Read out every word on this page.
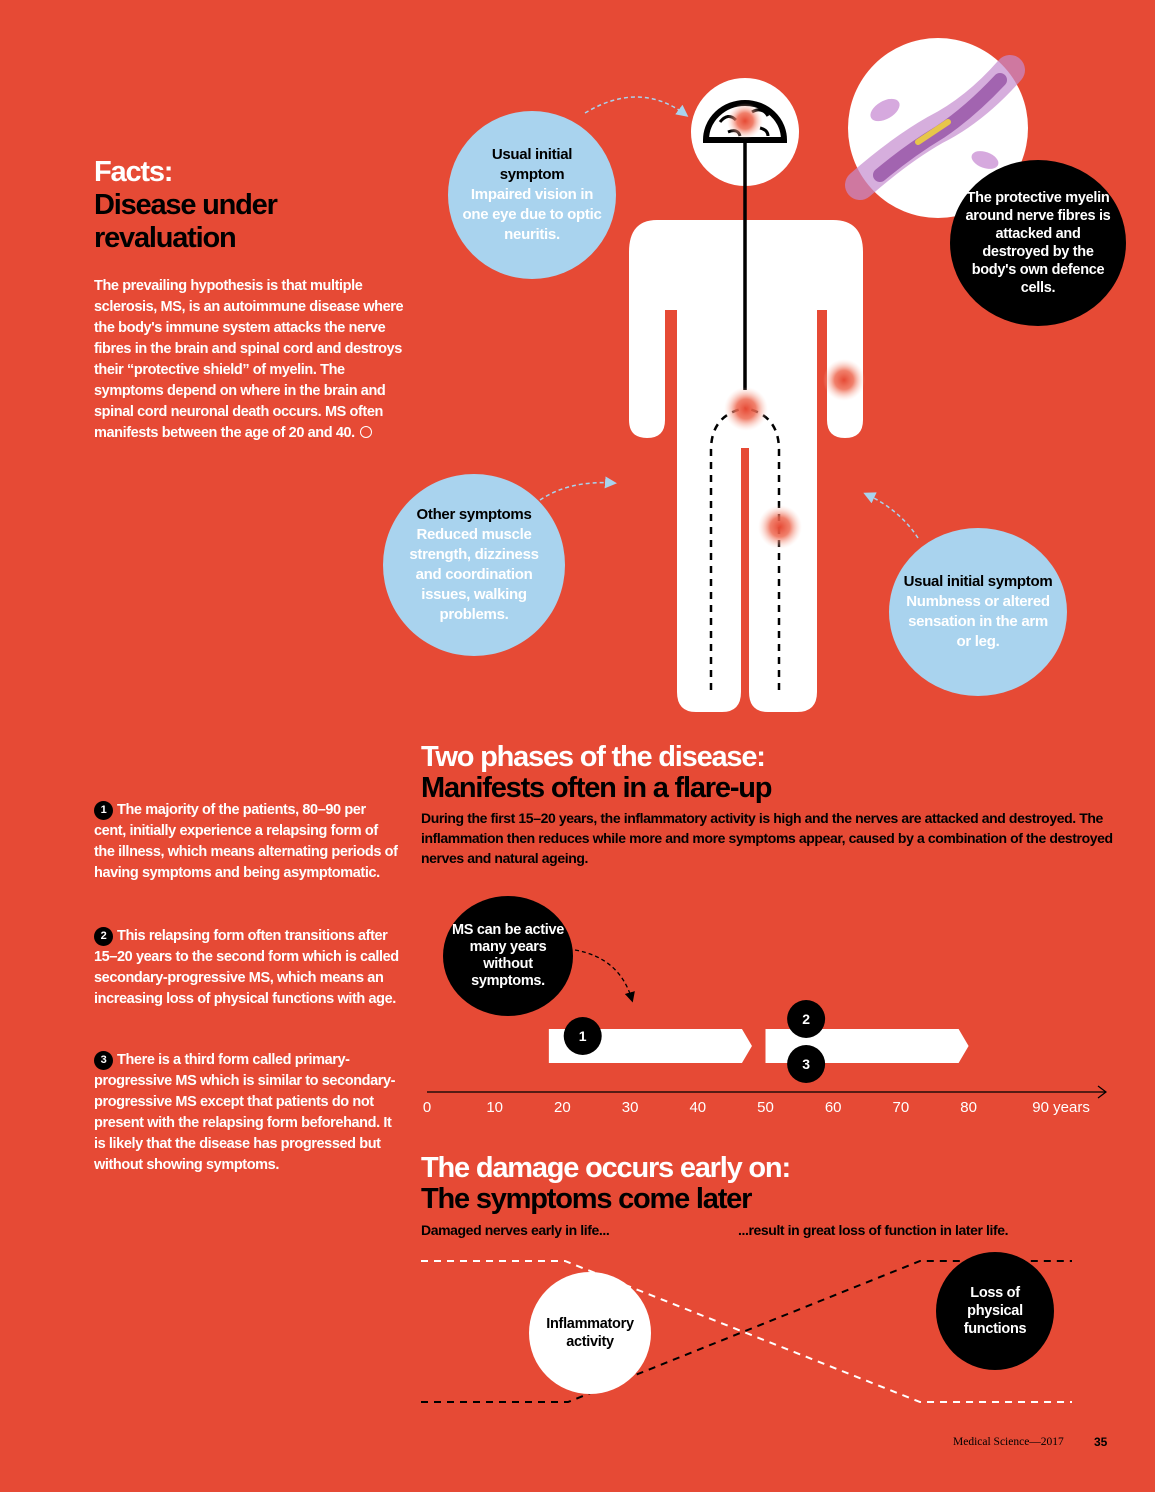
0	10	20	30	40	50	60	70	80	90 years
1
2
3
Facts:
Disease under revaluation
The prevailing hypothesis is that multiple sclerosis, MS, is an autoimmune disease where the body's immune system attacks the nerve fibres in the brain and spinal cord and destroys their “protective shield” of myelin. The symptoms depend on where in the brain and spinal cord neuronal death occurs. MS often manifests between the age of 20 and 40.
Usual initial symptom
Impaired vision in one eye due to optic neuritis.
The protective myelin around nerve fibres is attacked and destroyed by the body's own defence cells.
Other symptoms
Reduced muscle strength, dizziness and coordination issues, walking problems.
Usual initial symptom
Numbness or altered sensation in the arm or leg.
Two phases of the disease:
Manifests often in a flare-up
During the first 15–20 years, the inflammatory activity is high and the nerves are attacked and destroyed. The inflammation then reduces while more and more symptoms appear, caused by a combination of the destroyed nerves and natural ageing.
1 The majority of the patients, 80–90 per cent, initially experience a relapsing form of the illness, which means alternating periods of having symptoms and being asymptomatic.
2 This relapsing form often transitions after 15–20 years to the second form which is called secondary-progressive MS, which means an increasing loss of physical functions with age.
3 There is a third form called primary-progressive MS which is similar to secondary-progressive MS except that patients do not present with the relapsing form beforehand. It is likely that the disease has progressed but without showing symptoms.
MS can be active many years without symptoms.
The damage occurs early on:
The symptoms come later
Damaged nerves early in life...	...result in great loss of function in later life.
Inflammatory activity
Loss of physical functions
Medical Science—2017	35
